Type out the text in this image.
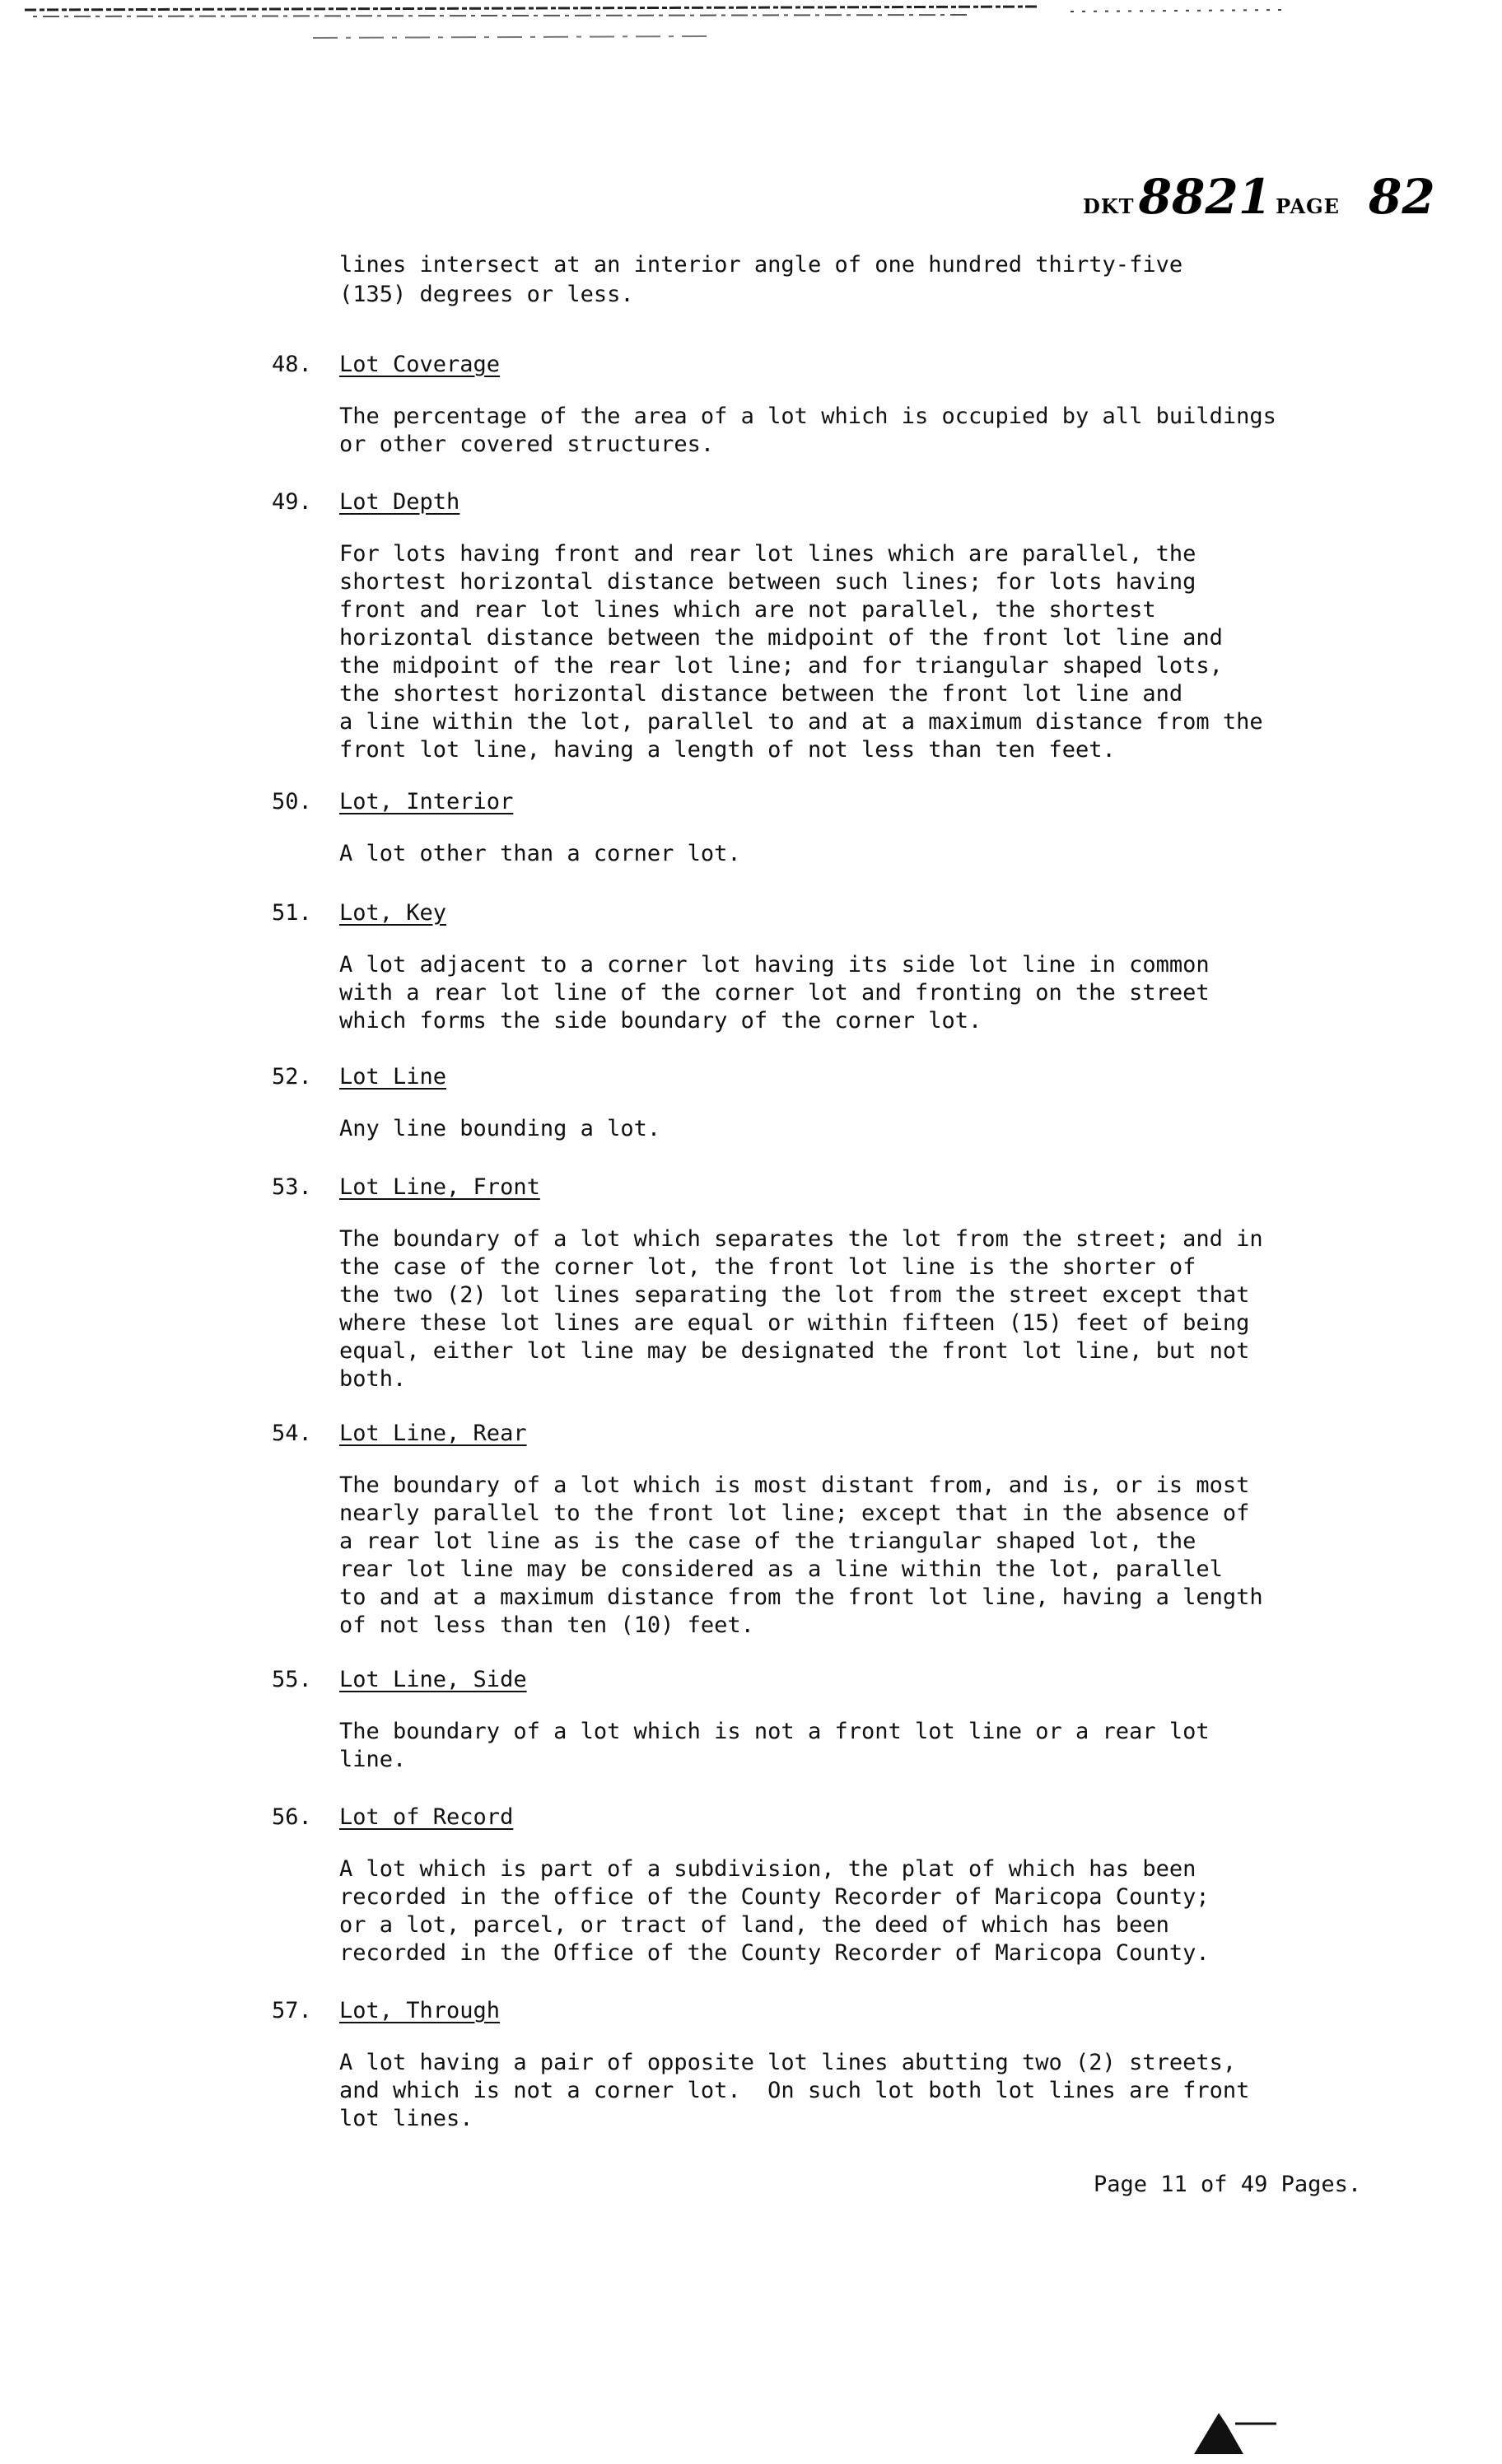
DKT 8821 PAGE 82
lines intersect at an interior angle of one hundred thirty-five
(135) degrees or less.
48. Lot Coverage
The percentage of the area of a lot which is occupied by all buildings
or other covered structures.
49. Lot Depth
For lots having front and rear lot lines which are parallel, the
shortest horizontal distance between such lines; for lots having
front and rear lot lines which are not parallel, the shortest
horizontal distance between the midpoint of the front lot line and
the midpoint of the rear lot line; and for triangular shaped lots,
the shortest horizontal distance between the front lot line and
a line within the lot, parallel to and at a maximum distance from the
front lot line, having a length of not less than ten feet.
50. Lot, Interior
A lot other than a corner lot.
51. Lot, Key
A lot adjacent to a corner lot having its side lot line in common
with a rear lot line of the corner lot and fronting on the street
which forms the side boundary of the corner lot.
52. Lot Line
Any line bounding a lot.
53. Lot Line, Front
The boundary of a lot which separates the lot from the street; and in
the case of the corner lot, the front lot line is the shorter of
the two (2) lot lines separating the lot from the street except that
where these lot lines are equal or within fifteen (15) feet of being
equal, either lot line may be designated the front lot line, but not
both.
54. Lot Line, Rear
The boundary of a lot which is most distant from, and is, or is most
nearly parallel to the front lot line; except that in the absence of
a rear lot line as is the case of the triangular shaped lot, the
rear lot line may be considered as a line within the lot, parallel
to and at a maximum distance from the front lot line, having a length
of not less than ten (10) feet.
55. Lot Line, Side
The boundary of a lot which is not a front lot line or a rear lot
line.
56. Lot of Record
A lot which is part of a subdivision, the plat of which has been
recorded in the office of the County Recorder of Maricopa County;
or a lot, parcel, or tract of land, the deed of which has been
recorded in the Office of the County Recorder of Maricopa County.
57. Lot, Through
A lot having a pair of opposite lot lines abutting two (2) streets,
and which is not a corner lot.  On such lot both lot lines are front
lot lines.
Page 11 of 49 Pages.
